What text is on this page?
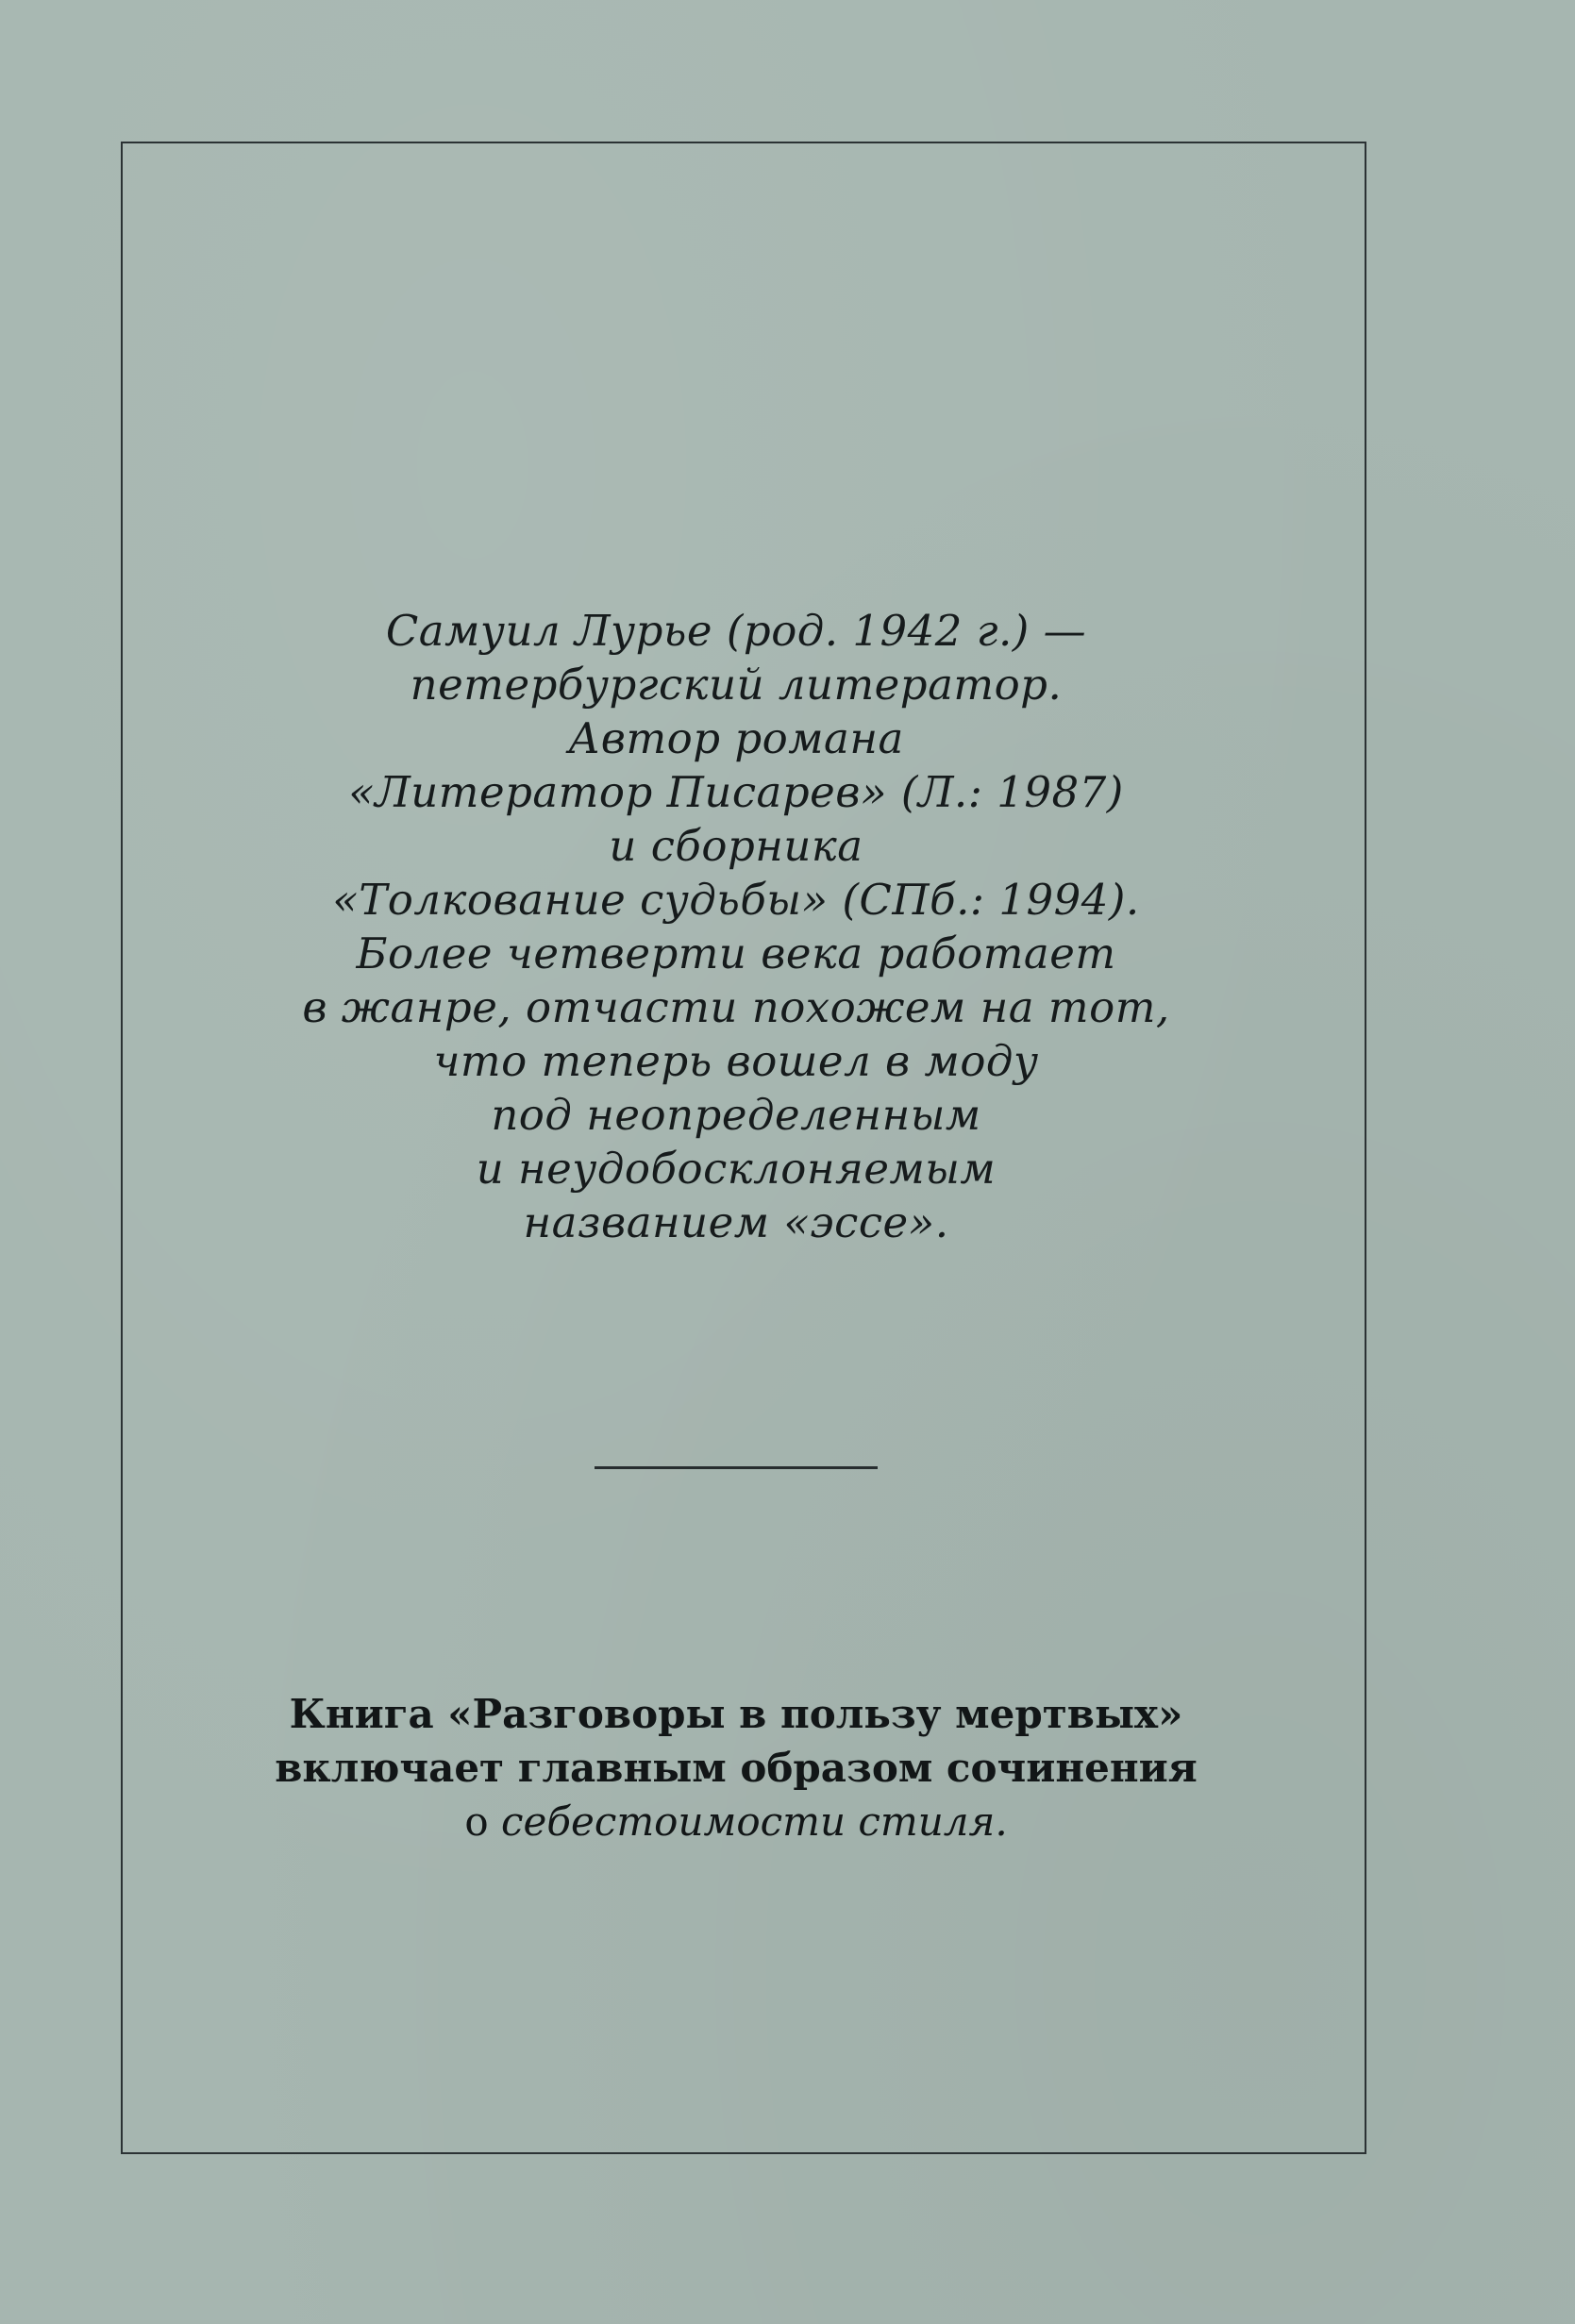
Самуил Лурье (род. 1942 г.) —
петербургский литератор.
Автор романа
«Литератор Писарев» (Л.: 1987)
и сборника
«Толкование судьбы» (СПб.: 1994).
Более четверти века работает
в жанре, отчасти похожем на тот,
что теперь вошел в моду
под неопределенным
и неудобосклоняемым
названием «эссе».
Книга «Разговоры в пользу мертвых»
включает главным образом сочинения
о себестоимости стиля.
